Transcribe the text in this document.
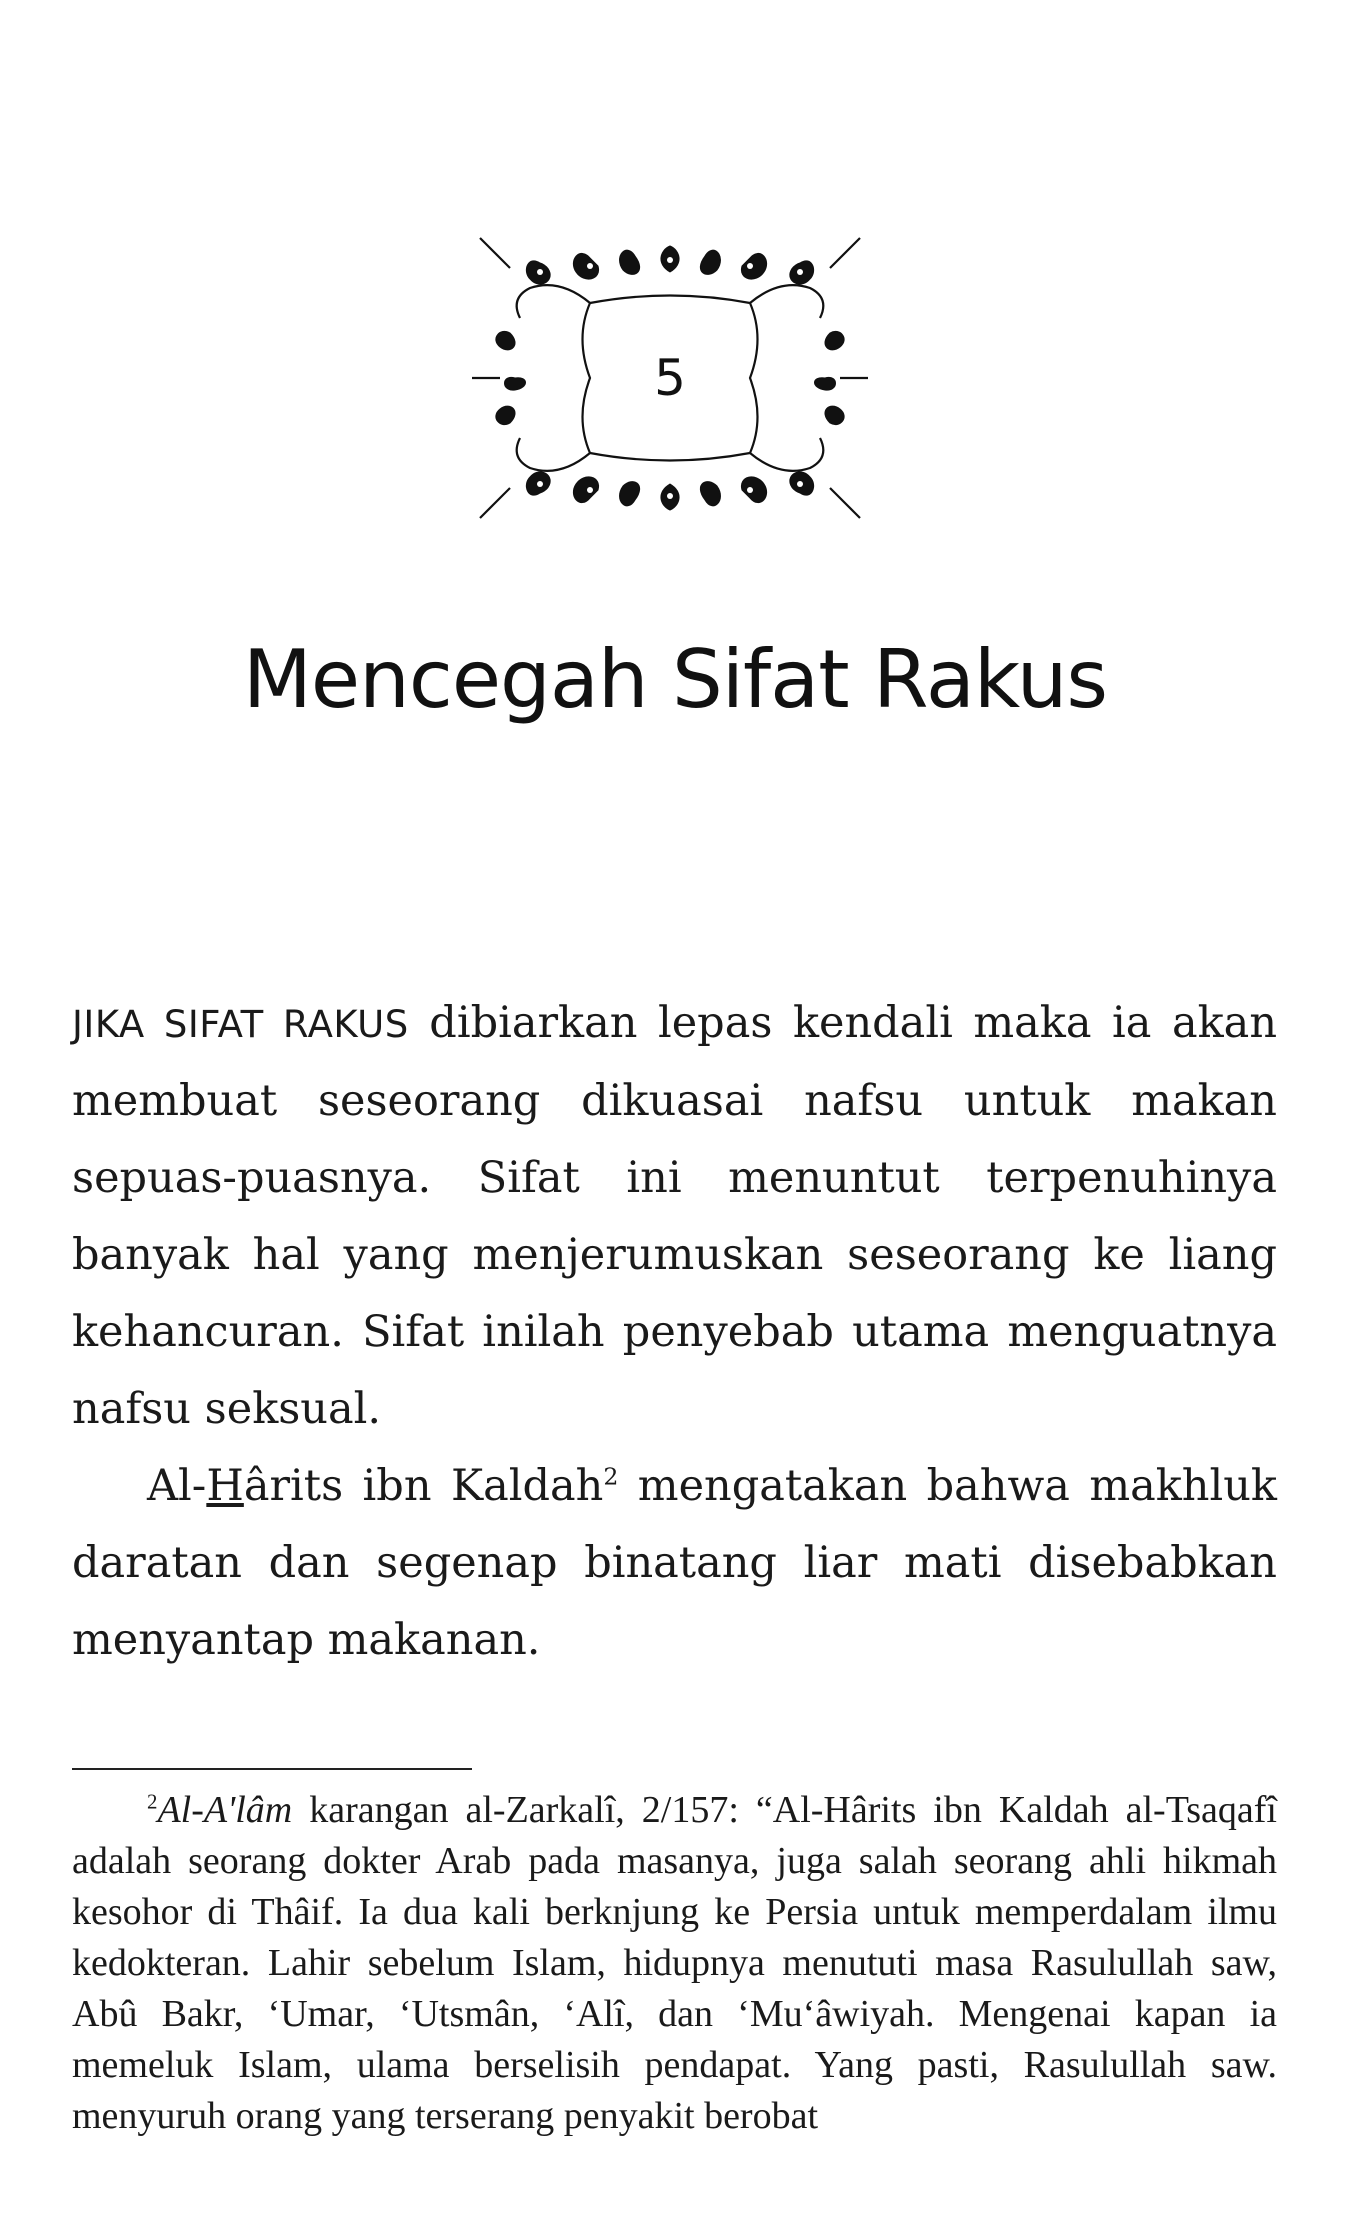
5
Mencegah Sifat Rakus

JIKA SIFAT RAKUS dibiarkan lepas kendali maka ia akan membuat seseorang dikuasai nafsu untuk makan sepuas-puasnya. Sifat ini menuntut terpenuhinya banyak hal yang menjerumuskan seseorang ke liang kehancuran. Sifat inilah penyebab utama menguatnya nafsu seksual.

Al-Hârits ibn Kaldah$^2$ mengatakan bahwa makhluk daratan dan segenap binatang liar mati disebabkan menyantap makanan.

$^2$Al-A'lâm karangan al-Zarkalî, 2/157: “Al-Hârits ibn Kaldah al-Tsaqafî adalah seorang dokter Arab pada masanya, juga salah seorang ahli hikmah kesohor di Thâif. Ia dua kali berknjung ke Persia untuk memperdalam ilmu kedokteran. Lahir sebelum Islam, hidupnya menututi masa Rasulullah saw, Abû Bakr, ‘Umar, ‘Utsmân, ‘Alî, dan ‘Mu‘âwiyah. Mengenai kapan ia memeluk Islam, ulama berselisih pendapat. Yang pasti, Rasulullah saw. menyuruh orang yang terserang penyakit berobat
